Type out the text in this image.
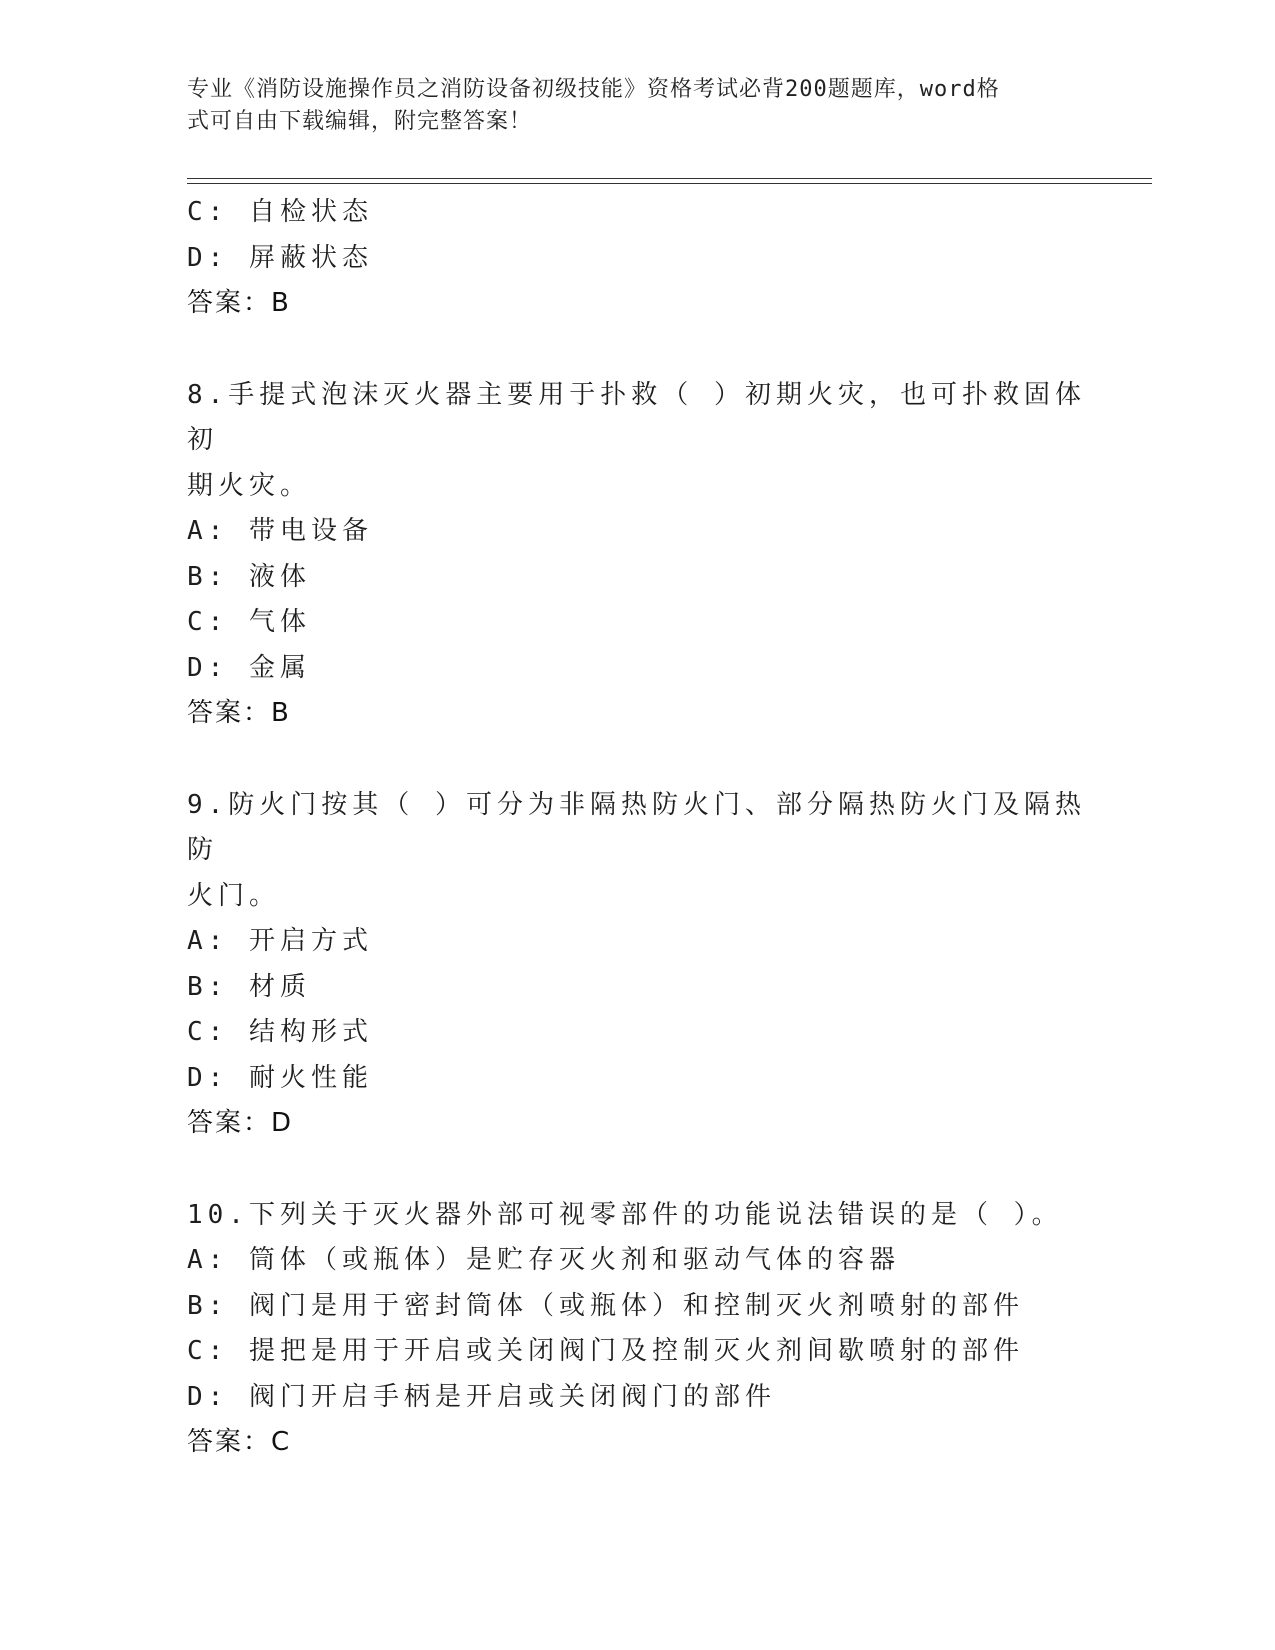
专业《消防设施操作员之消防设备初级技能》资格考试必背200题题库，word格
式可自由下载编辑，附完整答案！
C: 自检状态
D: 屏蔽状态
答案：B
8.手提式泡沫灭火器主要用于扑救（ ）初期火灾，也可扑救固体初
期火灾。
A: 带电设备
B: 液体
C: 气体
D: 金属
答案：B
9.防火门按其（ ）可分为非隔热防火门、部分隔热防火门及隔热防
火门。
A: 开启方式
B: 材质
C: 结构形式
D: 耐火性能
答案：D
10.下列关于灭火器外部可视零部件的功能说法错误的是（ ）。
A: 筒体（或瓶体）是贮存灭火剂和驱动气体的容器
B: 阀门是用于密封筒体（或瓶体）和控制灭火剂喷射的部件
C: 提把是用于开启或关闭阀门及控制灭火剂间歇喷射的部件
D: 阀门开启手柄是开启或关闭阀门的部件
答案：C
